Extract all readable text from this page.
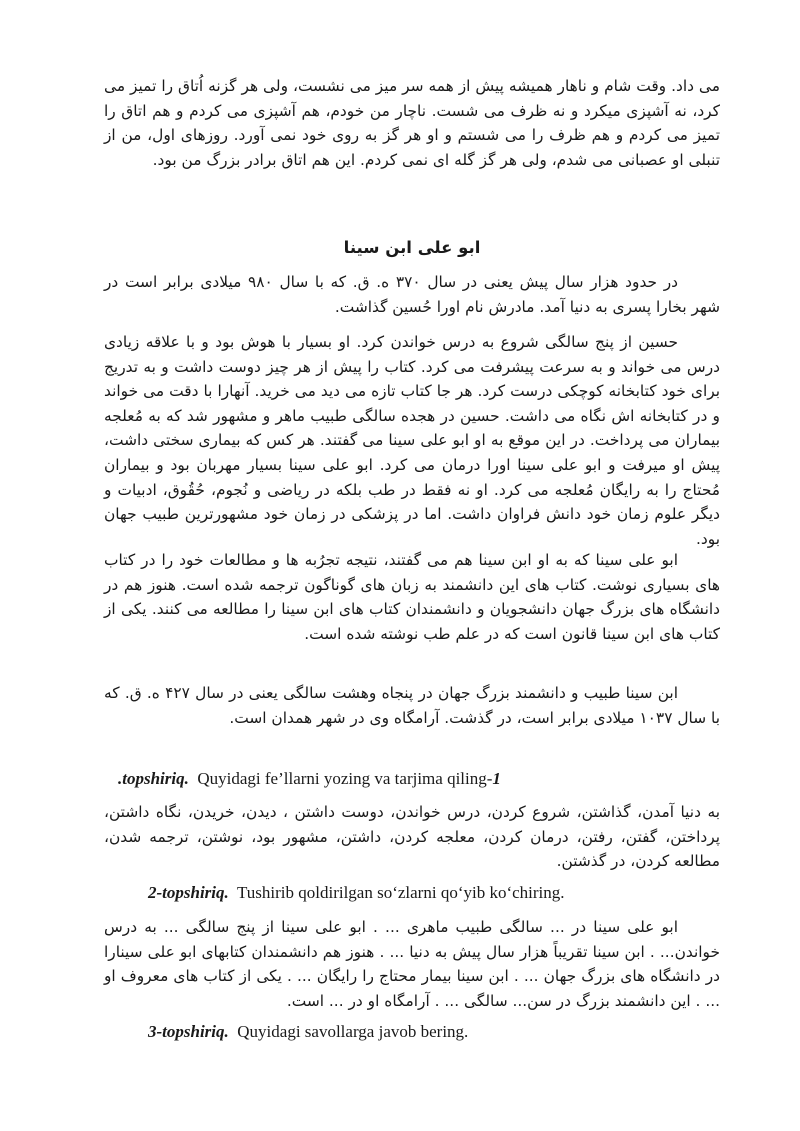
می داد. وقت شام و ناهار همیشه پیش از همه سر میز می نشست، ولی هر گزنه اُتاق را تمیز می کرد، نه آشپزی میکرد و نه ظرف می شست. ناچار من خودم، هم آشپزی می کردم و هم اتاق را تمیز می کردم و هم ظرف را می شستم و او هر گز به روی خود نمی آورد. روزهای اول، من از تنبلی او عصبانی می شدم، ولی هر گز گله ای نمی کردم. این هم اتاق برادر بزرگ من بود.
ابو علی ابن سینا
در حدود هزار سال پیش یعنی در سال ۳۷۰ ه. ق. که با سال ۹۸۰ میلادی برابر است در شهر بخارا پسری به دنیا آمد. مادرش نام اورا حُسین گذاشت.
حسین از پنج سالگی شروع به درس خواندن کرد. او بسیار با هوش بود و با علاقه زیادی درس می خواند و به سرعت پیشرفت می کرد. کتاب را پیش از هر چیز دوست داشت و به تدریج برای خود کتابخانه کوچکی درست کرد. هر جا کتاب تازه می دید می خرید. آنهارا با دقت می خواند و در کتابخانه اش نگاه می داشت. حسین در هجده سالگی طبیب ماهر و مشهور شد که به مُعلجه بیماران می پرداخت. در این موقع به او ابو علی سینا می گفتند. هر کس که بیماری سختی داشت، پیش او میرفت و ابو علی سینا اورا درمان می کرد. ابو علی سینا بسیار مهربان بود و بیماران مُحتاج را به رایگان مُعلجه می کرد. او نه فقط در طب بلکه در ریاضی و نُجوم، حُقُوق، ادبیات و دیگر علوم زمان خود دانش فراوان داشت. اما در پزشکی در زمان خود مشهورترین طبیب جهان بود.
ابو علی سینا که به او ابن سینا هم می گفتند، نتیجه تجرُبه ها و مطالعات خود را در کتاب های بسیاری نوشت. کتاب های این دانشمند به زبان های گوناگون ترجمه شده است. هنوز هم در دانشگاه های بزرگ جهان دانشجویان و دانشمندان کتاب های ابن سینا را مطالعه می کنند. یکی از کتاب های ابن سینا قانون است که در علم طب نوشته شده است.
ابن سینا طبیب و دانشمند بزرگ جهان در پنجاه وهشت سالگی یعنی در سال ۴۲۷ ه. ق. که با سال ۱۰۳۷ میلادی برابر است، در گذشت. آرامگاه وی در شهر همدان است.
.topshiriq. Quyidagi fe’llarni yozing va tarjima qiling-1
به دنیا آمدن، گذاشتن، شروع کردن، درس خواندن، دوست داشتن ، دیدن، خریدن، نگاه داشتن، پرداختن، گفتن، رفتن، درمان کردن، معلجه کردن، داشتن، مشهور بود، نوشتن، ترجمه شدن، مطالعه کردن، در گذشتن.
2-topshiriq. Tushirib qoldirilgan so‘zlarni qo‘yib ko‘chiring.
ابو علی سینا در ... سالگی طبیب ماهری ... . ابو علی سینا از پنج سالگی ... به درس خواندن... . ابن سینا تقریباً هزار سال پیش به دنیا ... . هنوز هم دانشمندان کتابهای ابو علی سینارا در دانشگاه های بزرگ جهان ... . ابن سینا بیمار محتاج را رایگان ... . یکی از کتاب های معروف او ... . این دانشمند بزرگ در سن... سالگی ... . آرامگاه او در ... است.
3-topshiriq. Quyidagi savollarga javob bering.
